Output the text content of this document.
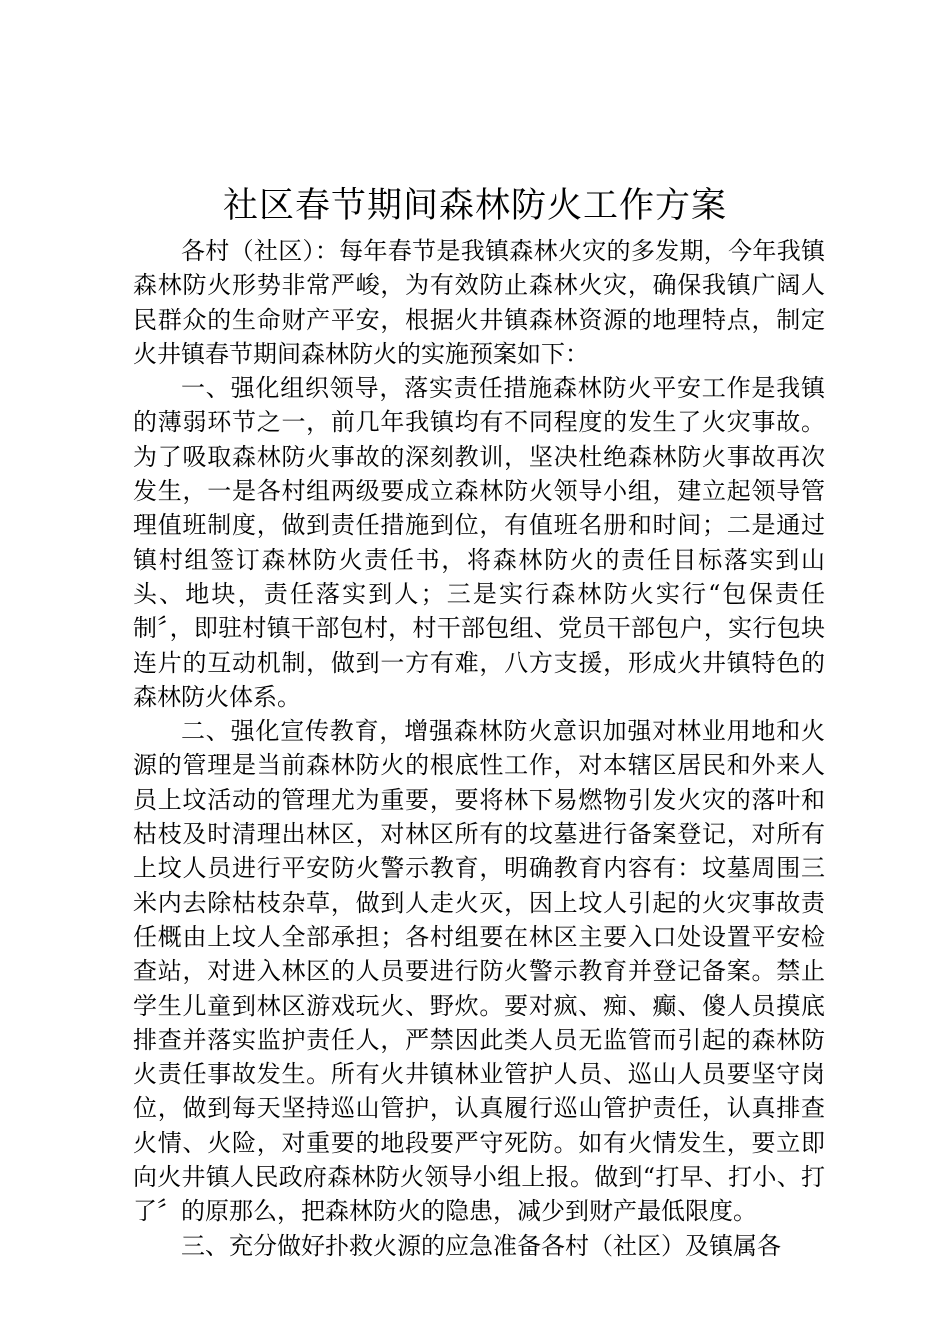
社区春节期间森林防火工作方案

各村（社区）：每年春节是我镇森林火灾的多发期，今年我镇森林防火形势非常严峻，为有效防止森林火灾，确保我镇广阔人民群众的生命财产平安，根据火井镇森林资源的地理特点，制定火井镇春节期间森林防火的实施预案如下：

一、强化组织领导，落实责任措施森林防火平安工作是我镇的薄弱环节之一，前几年我镇均有不同程度的发生了火灾事故。为了吸取森林防火事故的深刻教训，坚决杜绝森林防火事故再次发生，一是各村组两级要成立森林防火领导小组，建立起领导管理值班制度，做到责任措施到位，有值班名册和时间；二是通过镇村组签订森林防火责任书，将森林防火的责任目标落实到山头、地块，责任落实到人；三是实行森林防火实行“包保责任制〞，即驻村镇干部包村，村干部包组、党员干部包户，实行包块连片的互动机制，做到一方有难，八方支援，形成火井镇特色的森林防火体系。

二、强化宣传教育，增强森林防火意识加强对林业用地和火源的管理是当前森林防火的根底性工作，对本辖区居民和外来人员上坟活动的管理尤为重要，要将林下易燃物引发火灾的落叶和枯枝及时清理出林区，对林区所有的坟墓进行备案登记，对所有上坟人员进行平安防火警示教育，明确教育内容有：坟墓周围三米内去除枯枝杂草，做到人走火灭，因上坟人引起的火灾事故责任概由上坟人全部承担；各村组要在林区主要入口处设置平安检查站，对进入林区的人员要进行防火警示教育并登记备案。禁止学生儿童到林区游戏玩火、野炊。要对疯、痴、癫、傻人员摸底排查并落实监护责任人，严禁因此类人员无监管而引起的森林防火责任事故发生。所有火井镇林业管护人员、巡山人员要坚守岗位，做到每天坚持巡山管护，认真履行巡山管护责任，认真排查火情、火险，对重要的地段要严守死防。如有火情发生，要立即向火井镇人民政府森林防火领导小组上报。做到“打早、打小、打了〞的原那么，把森林防火的隐患，减少到财产最低限度。

三、充分做好扑救火源的应急准备各村（社区）及镇属各
